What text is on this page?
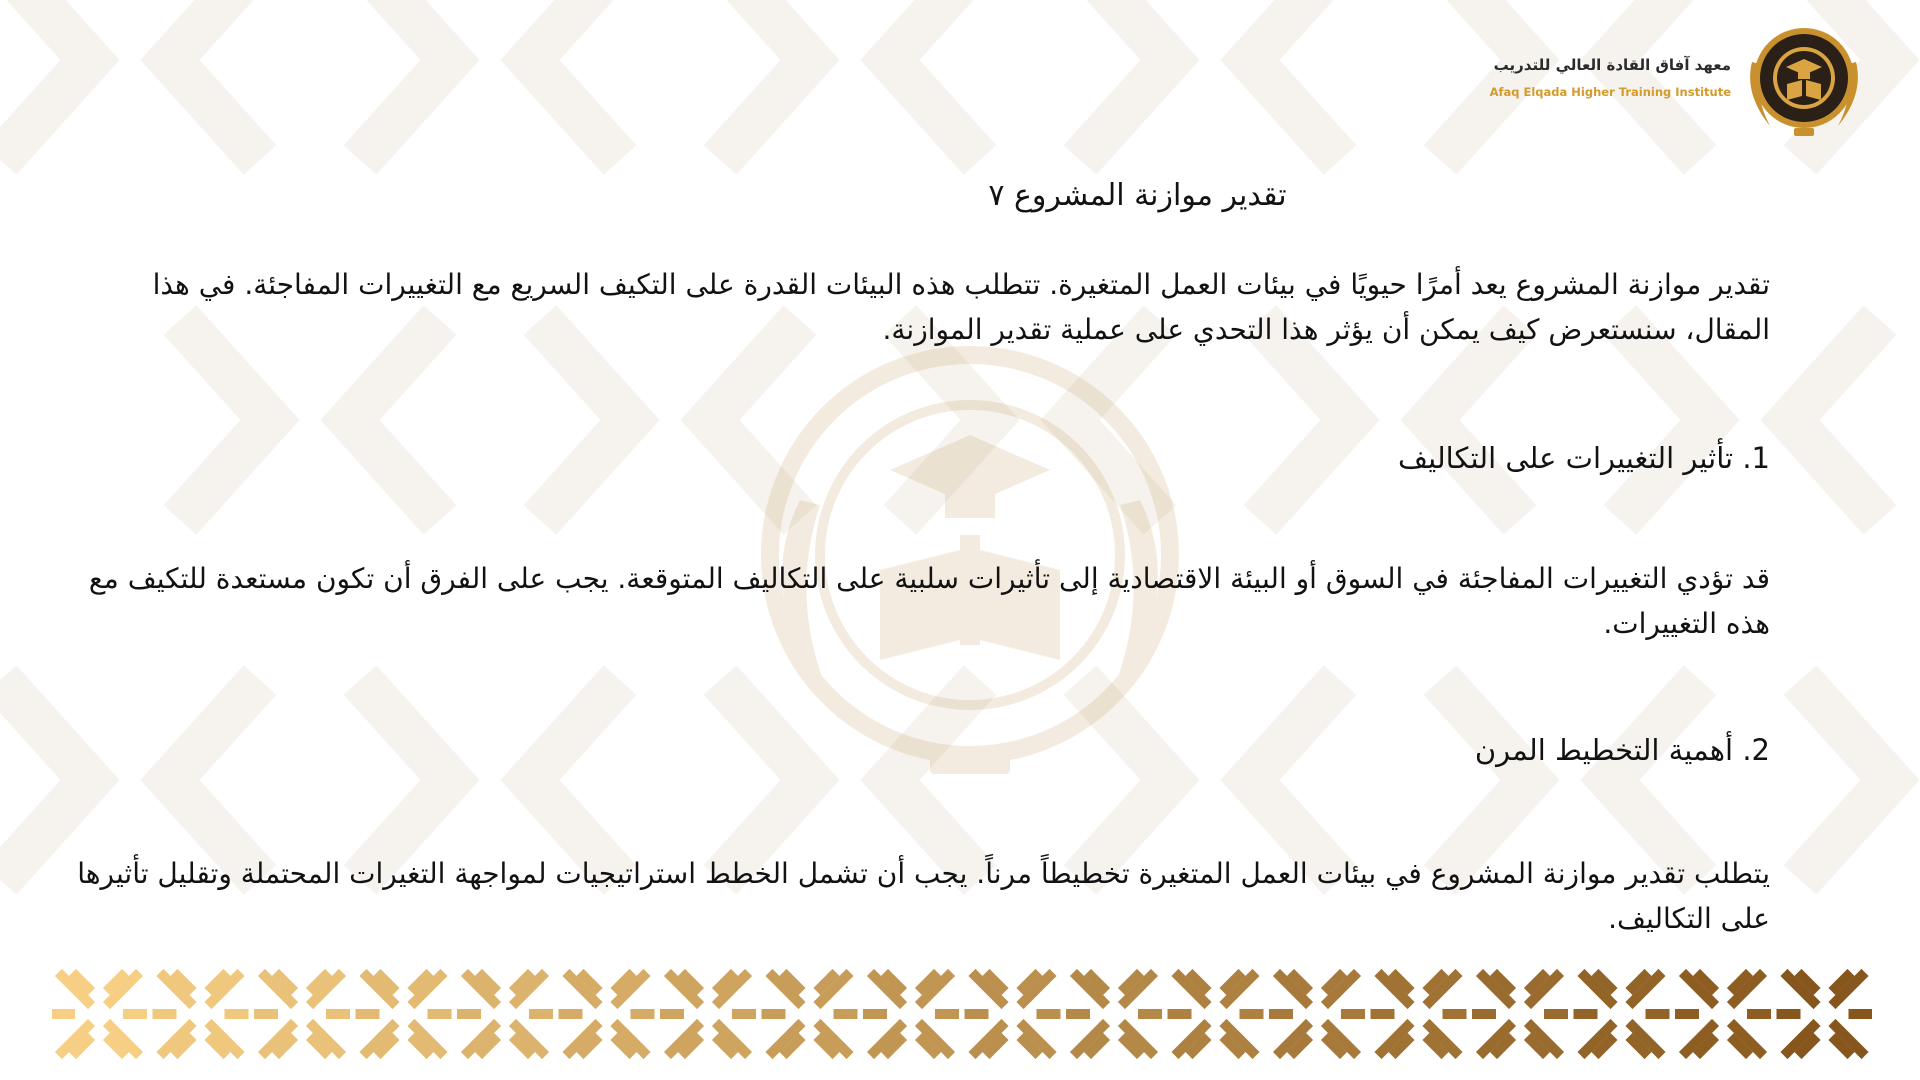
معهد آفاق القادة العالي للتدريب
Afaq Elqada Higher Training Institute
تقدير موازنة المشروع ٧

تقدير موازنة المشروع يعد أمرًا حيويًا في بيئات العمل المتغيرة. تتطلب هذه البيئات القدرة على التكيف السريع مع التغييرات المفاجئة. في هذا المقال، سنستعرض كيف يمكن أن يؤثر هذا التحدي على عملية تقدير الموازنة.

1. تأثير التغييرات على التكاليف

قد تؤدي التغييرات المفاجئة في السوق أو البيئة الاقتصادية إلى تأثيرات سلبية على التكاليف المتوقعة. يجب على الفرق أن تكون مستعدة للتكيف مع هذه التغييرات.

2. أهمية التخطيط المرن

يتطلب تقدير موازنة المشروع في بيئات العمل المتغيرة تخطيطاً مرناً. يجب أن تشمل الخطط استراتيجيات لمواجهة التغيرات المحتملة وتقليل تأثيرها على التكاليف.
